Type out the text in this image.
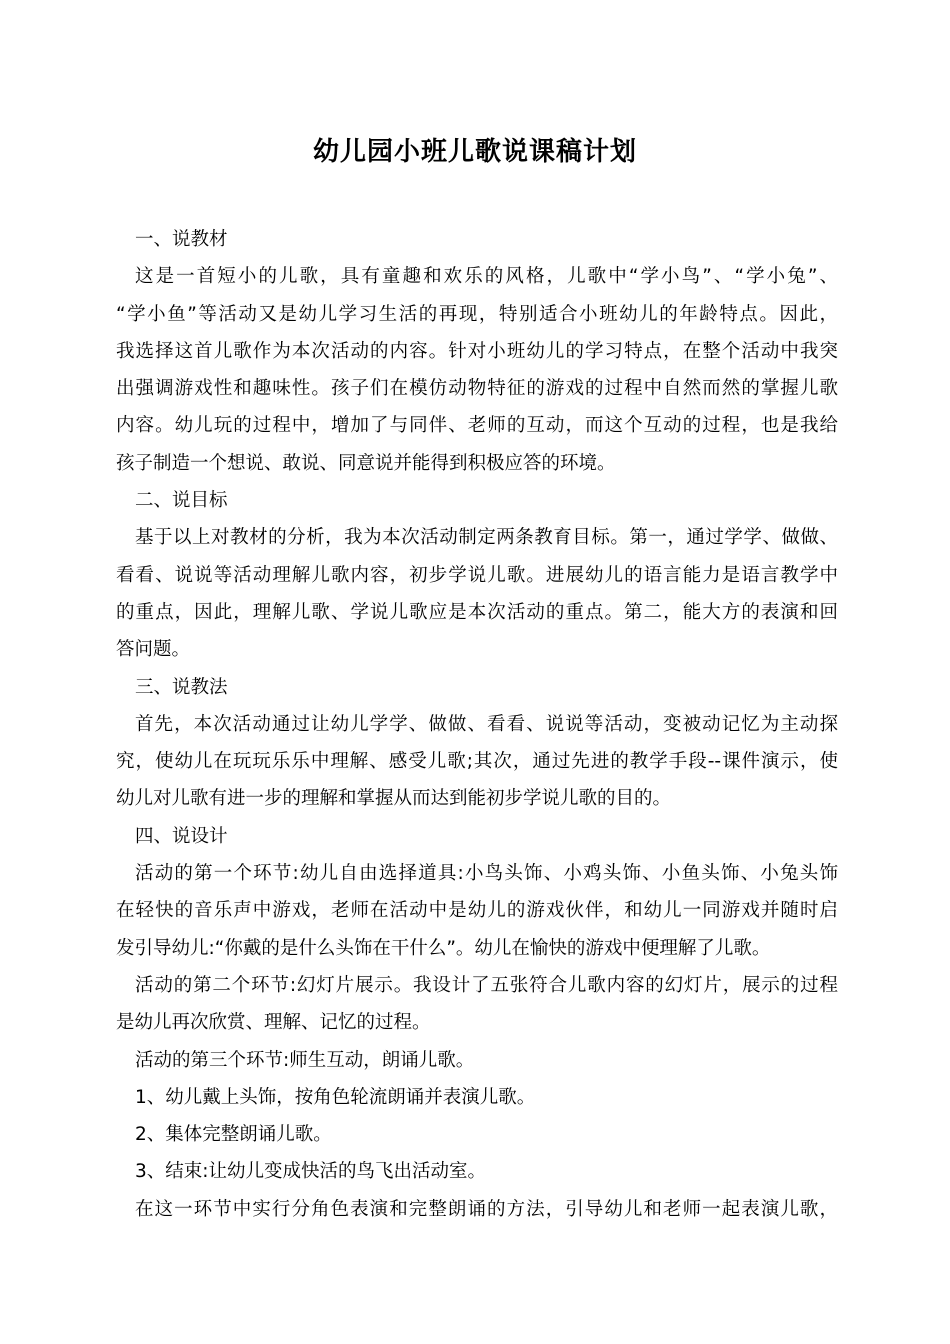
幼儿园小班儿歌说课稿计划
一、说教材
这是一首短小的儿歌，具有童趣和欢乐的风格，儿歌中“学小鸟”、“学小兔”、
“学小鱼”等活动又是幼儿学习生活的再现，特别适合小班幼儿的年龄特点。因此，
我选择这首儿歌作为本次活动的内容。针对小班幼儿的学习特点，在整个活动中我突
出强调游戏性和趣味性。孩子们在模仿动物特征的游戏的过程中自然而然的掌握儿歌
内容。幼儿玩的过程中，增加了与同伴、老师的互动，而这个互动的过程，也是我给
孩子制造一个想说、敢说、同意说并能得到积极应答的环境。
二、说目标
基于以上对教材的分析，我为本次活动制定两条教育目标。第一，通过学学、做做、
看看、说说等活动理解儿歌内容，初步学说儿歌。进展幼儿的语言能力是语言教学中
的重点，因此，理解儿歌、学说儿歌应是本次活动的重点。第二，能大方的表演和回
答问题。
三、说教法
首先，本次活动通过让幼儿学学、做做、看看、说说等活动，变被动记忆为主动探
究，使幼儿在玩玩乐乐中理解、感受儿歌;其次，通过先进的教学手段--课件演示，使
幼儿对儿歌有进一步的理解和掌握从而达到能初步学说儿歌的目的。
四、说设计
活动的第一个环节:幼儿自由选择道具:小鸟头饰、小鸡头饰、小鱼头饰、小兔头饰
在轻快的音乐声中游戏，老师在活动中是幼儿的游戏伙伴，和幼儿一同游戏并随时启
发引导幼儿:“你戴的是什么头饰在干什么”。幼儿在愉快的游戏中便理解了儿歌。
活动的第二个环节:幻灯片展示。我设计了五张符合儿歌内容的幻灯片，展示的过程
是幼儿再次欣赏、理解、记忆的过程。
活动的第三个环节:师生互动，朗诵儿歌。
1、幼儿戴上头饰，按角色轮流朗诵并表演儿歌。
2、集体完整朗诵儿歌。
3、结束:让幼儿变成快活的鸟飞出活动室。
在这一环节中实行分角色表演和完整朗诵的方法，引导幼儿和老师一起表演儿歌，
